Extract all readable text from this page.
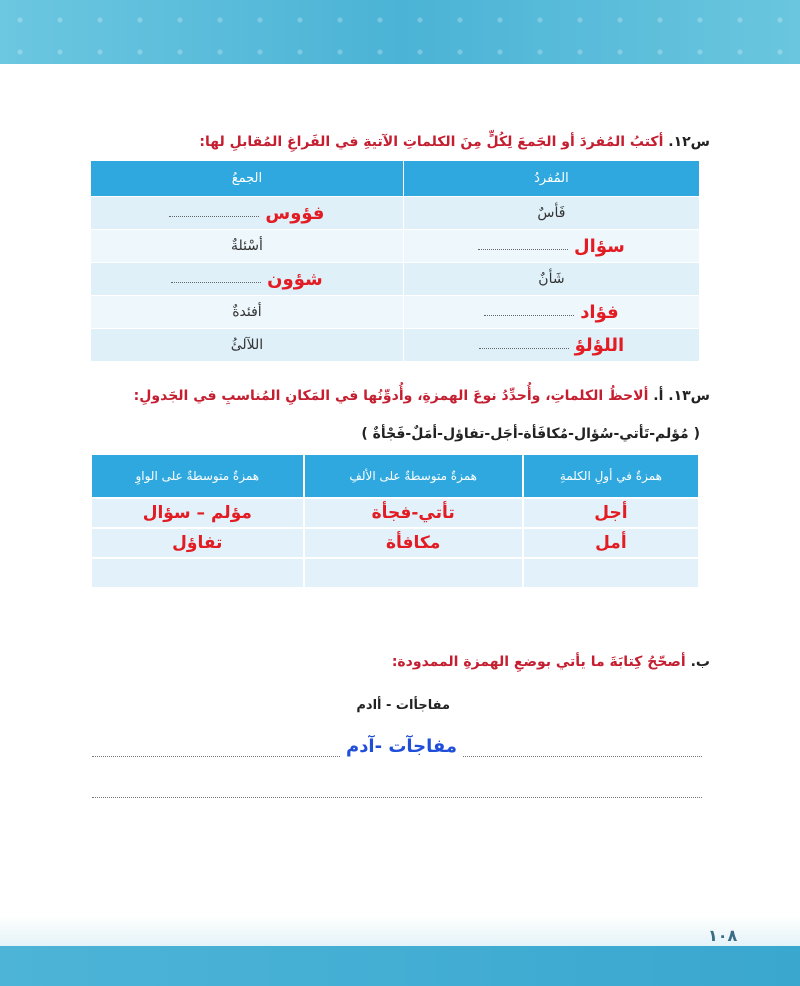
س١٢. أكتبُ المُفردَ أو الجَمعَ لِكُلٍّ مِنَ الكلماتِ الآتيةِ في الفَراغِ المُقابلِ لها:
المُفردُ	الجمعُ

فَأسٌ	فؤوس

سؤال	أسْئلةٌ

شَأنٌ	شؤون

فؤاد	أفئدةٌ

اللؤلؤ	اللآلئُ
س١٣. أ. ألاحظُ الكلماتِ، وأُحدِّدُ نوعَ الهمزةِ، وأُدوِّنُها في المَكانِ المُناسبِ في الجَدولِ:
( مُؤلم-تَأتي-سُؤال-مُكافَأة-أجَل-تفاؤل-أمَلٌ-فَجْأةٌ )
همزةٌ في أولِ الكلمةِ	همزةٌ متوسطةٌ على الألفِ	همزةٌ متوسطةٌ على الواوِ
أجل	تأتي-فجأة	مؤلم – سؤال
أمل	مكافأة	تفاؤل

ب. أصحّحُ كِتابَةَ ما يأتي بوضعِ الهمزةِ الممدودة:
مفاجأات - أادم
مفاجآت -آدم
١٠٨
